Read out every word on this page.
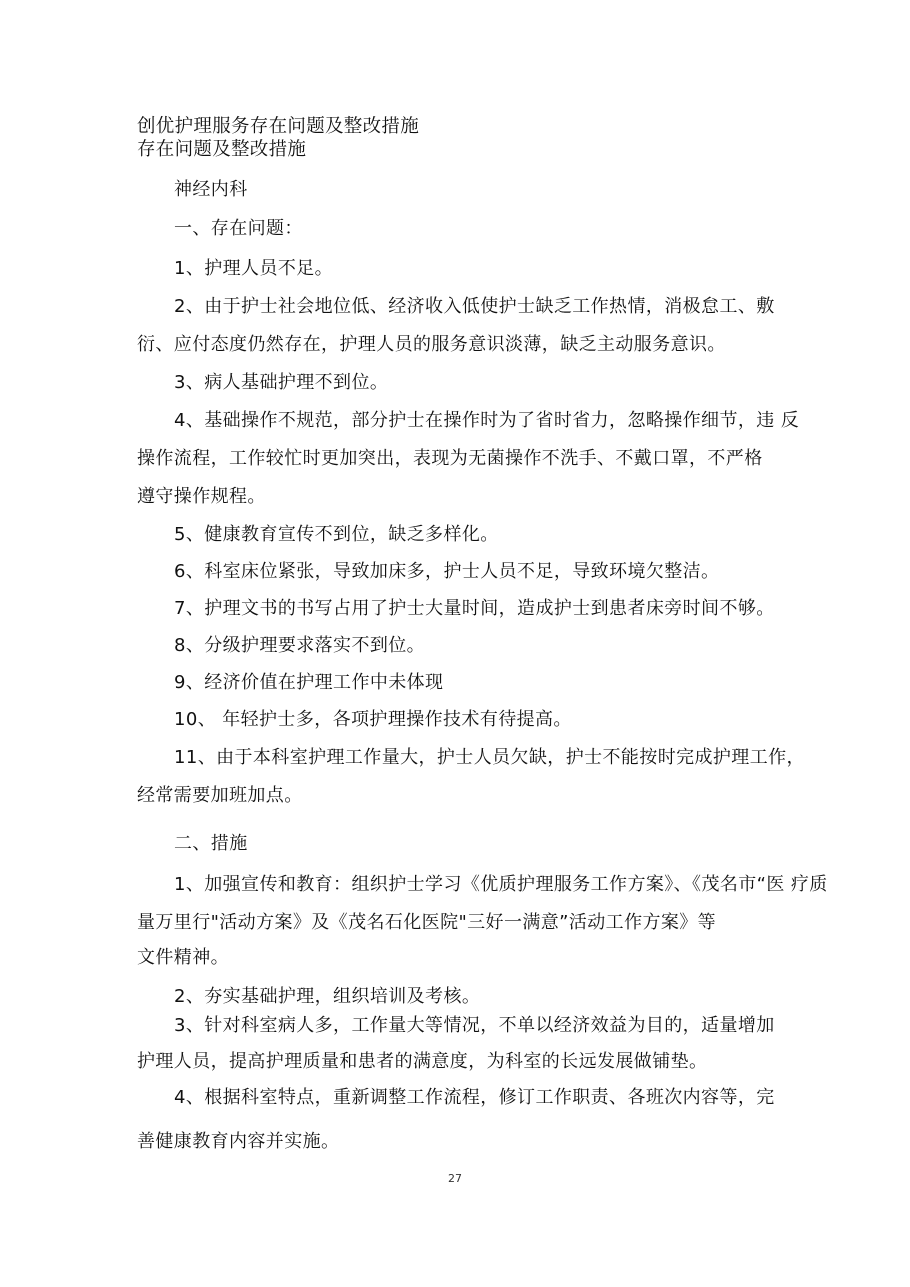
创优护理服务存在问题及整改措施
存在问题及整改措施
神经内科
一、存在问题：
1、护理人员不足。
2、由于护士社会地位低、经济收入低使护士缺乏工作热情，消极怠工、敷
衍、应付态度仍然存在，护理人员的服务意识淡薄，缺乏主动服务意识。
3、病人基础护理不到位。
4、基础操作不规范，部分护士在操作时为了省时省力，忽略操作细节，违 反
操作流程，工作较忙时更加突出，表现为无菌操作不洗手、不戴口罩，不严格
遵守操作规程。
5、健康教育宣传不到位，缺乏多样化。
6、科室床位紧张，导致加床多，护士人员不足，导致环境欠整洁。
7、护理文书的书写占用了护士大量时间，造成护士到患者床旁时间不够。
8、分级护理要求落实不到位。
9、经济价值在护理工作中未体现
10、 年轻护士多，各项护理操作技术有待提高。
11、由于本科室护理工作量大，护士人员欠缺，护士不能按时完成护理工作，
经常需要加班加点。
二、措施
1、加强宣传和教育：组织护士学习《优质护理服务工作方案》、《茂名市“医 疗质
量万里行"活动方案》及《茂名石化医院"三好一满意”活动工作方案》等
文件精神。
2、夯实基础护理，组织培训及考核。
3、针对科室病人多，工作量大等情况，不单以经济效益为目的，适量增加
护理人员，提高护理质量和患者的满意度，为科室的长远发展做铺垫。
4、根据科室特点，重新调整工作流程，修订工作职责、各班次内容等，完
善健康教育内容并实施。
27
